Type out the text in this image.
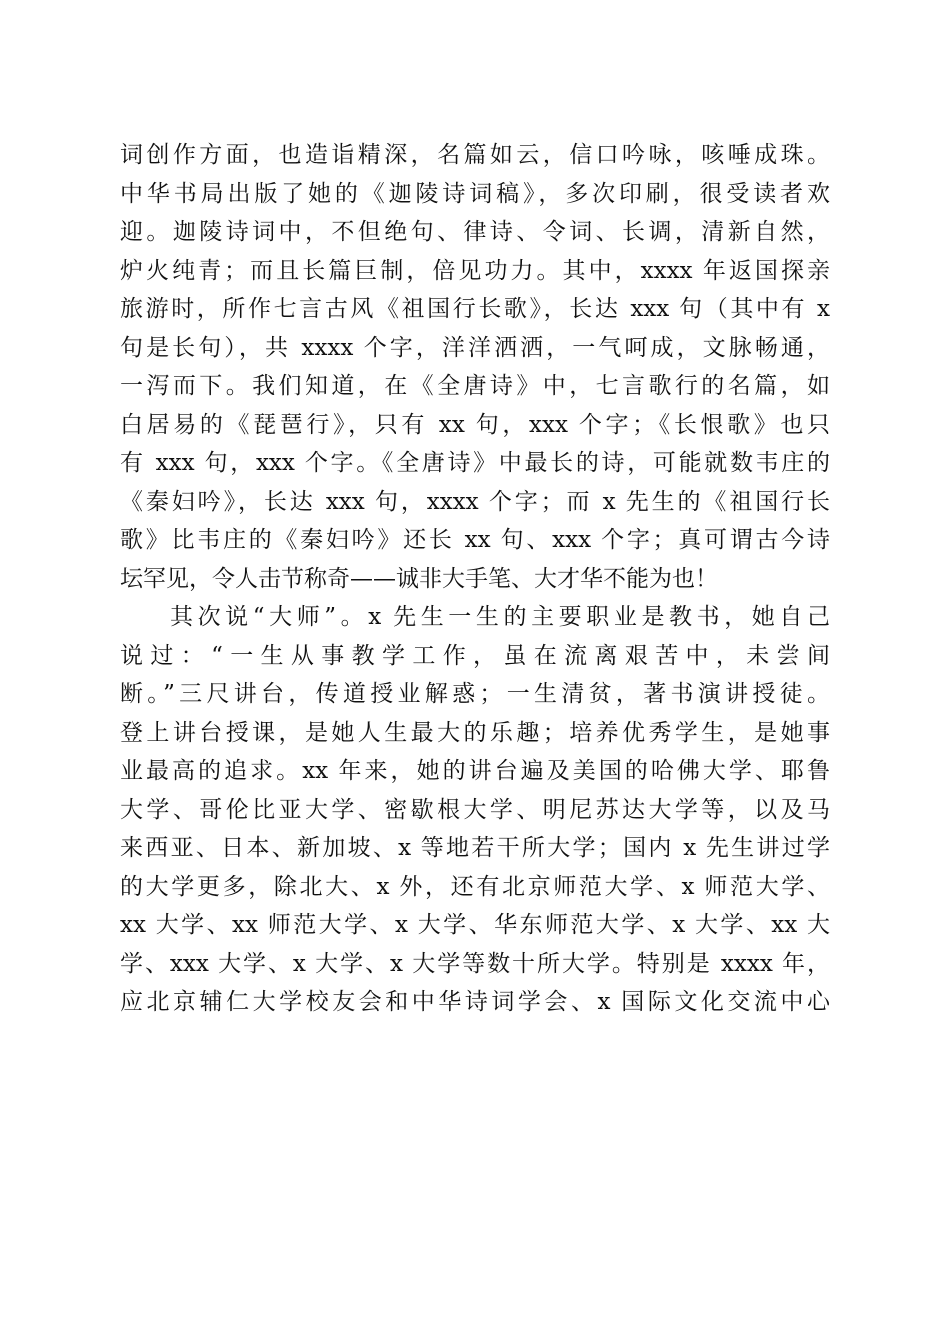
词创作方面，也造诣精深，名篇如云，信口吟咏，咳唾成珠。
中华书局出版了她的《迦陵诗词稿》，多次印刷，很受读者欢
迎。迦陵诗词中，不但绝句、律诗、令词、长调，清新自然，
炉火纯青；而且长篇巨制，倍见功力。其中，xxxx 年返国探亲
旅游时，所作七言古风《祖国行长歌》，长达 xxx 句（其中有 x
句是长句），共 xxxx 个字，洋洋洒洒，一气呵成，文脉畅通，
一泻而下。我们知道，在《全唐诗》中，七言歌行的名篇，如
白居易的《琵琶行》，只有 xx 句，xxx 个字；《长恨歌》也只
有 xxx 句，xxx 个字。《全唐诗》中最长的诗，可能就数韦庄的
《秦妇吟》，长达 xxx 句，xxxx 个字；而 x 先生的《祖国行长
歌》比韦庄的《秦妇吟》还长 xx 句、xxx 个字；真可谓古今诗
坛罕见，令人击节称奇——诚非大手笔、大才华不能为也！
其次说“大师”。x 先生一生的主要职业是教书，她自己
说过：“一生从事教学工作，虽在流离艰苦中，未尝间
断。”三尺讲台，传道授业解惑；一生清贫，著书演讲授徒。
登上讲台授课，是她人生最大的乐趣；培养优秀学生，是她事
业最高的追求。xx 年来，她的讲台遍及美国的哈佛大学、耶鲁
大学、哥伦比亚大学、密歇根大学、明尼苏达大学等，以及马
来西亚、日本、新加坡、x 等地若干所大学；国内 x 先生讲过学
的大学更多，除北大、x 外，还有北京师范大学、x 师范大学、
xx 大学、xx 师范大学、x 大学、华东师范大学、x 大学、xx 大
学、xxx 大学、x 大学、x 大学等数十所大学。特别是 xxxx 年，
应北京辅仁大学校友会和中华诗词学会、x 国际文化交流中心
